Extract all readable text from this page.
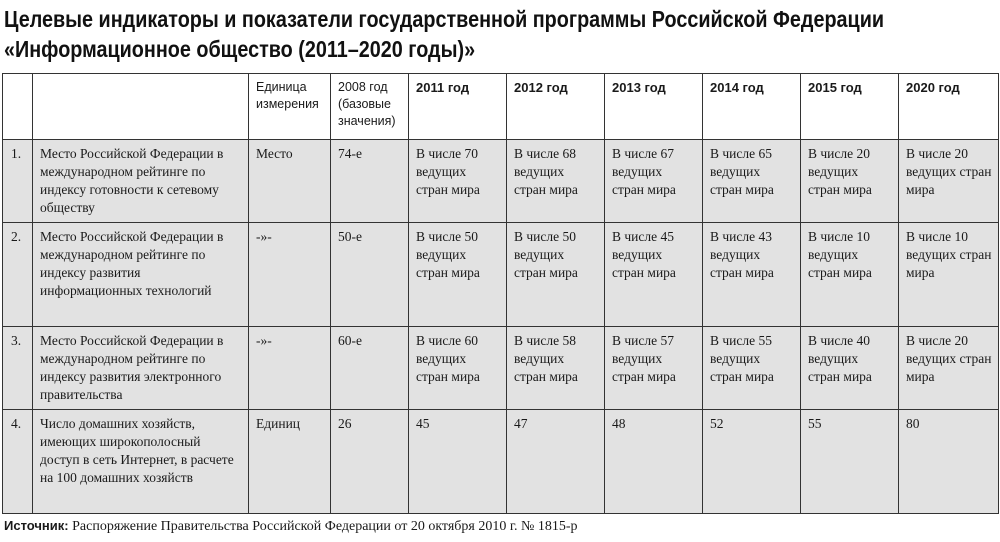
Целевые индикаторы и показатели государственной программы Российской Федерации
«Информационное общество (2011–2020 годы)»
		Единица измерения	2008 год (базовые значения)	2011 год	2012 год	2013 год	2014 год	2015 год	2020 год
1.	Место Российской Федерации в международном рейтинге по индексу готовности к сетевому обществу	Место	74-е	В числе 70 ведущих стран мира	В числе 68 ведущих стран мира	В числе 67 ведущих стран мира	В числе 65 ведущих стран мира	В числе 20 ведущих стран мира	В числе 20 ведущих стран мира
2.	Место Российской Федерации в международном рейтинге по индексу развития информационных технологий	-»-	50-е	В числе 50 ведущих стран мира	В числе 50 ведущих стран мира	В числе 45 ведущих стран мира	В числе 43 ведущих стран мира	В числе 10 ведущих стран мира	В числе 10 ведущих стран мира
3.	Место Российской Федерации в международном рейтинге по индексу развития электронного правительства	-»-	60-е	В числе 60 ведущих стран мира	В числе 58 ведущих стран мира	В числе 57 ведущих стран мира	В числе 55 ведущих стран мира	В числе 40 ведущих стран мира	В числе 20 ведущих стран мира
4.	Число домашних хозяйств, имеющих широкополосный доступ в сеть Интернет, в расчете на 100 домашних хозяйств	Единиц	26	45	47	48	52	55	80
Источник: Распоряжение Правительства Российской Федерации от 20 октября 2010 г. № 1815-р
